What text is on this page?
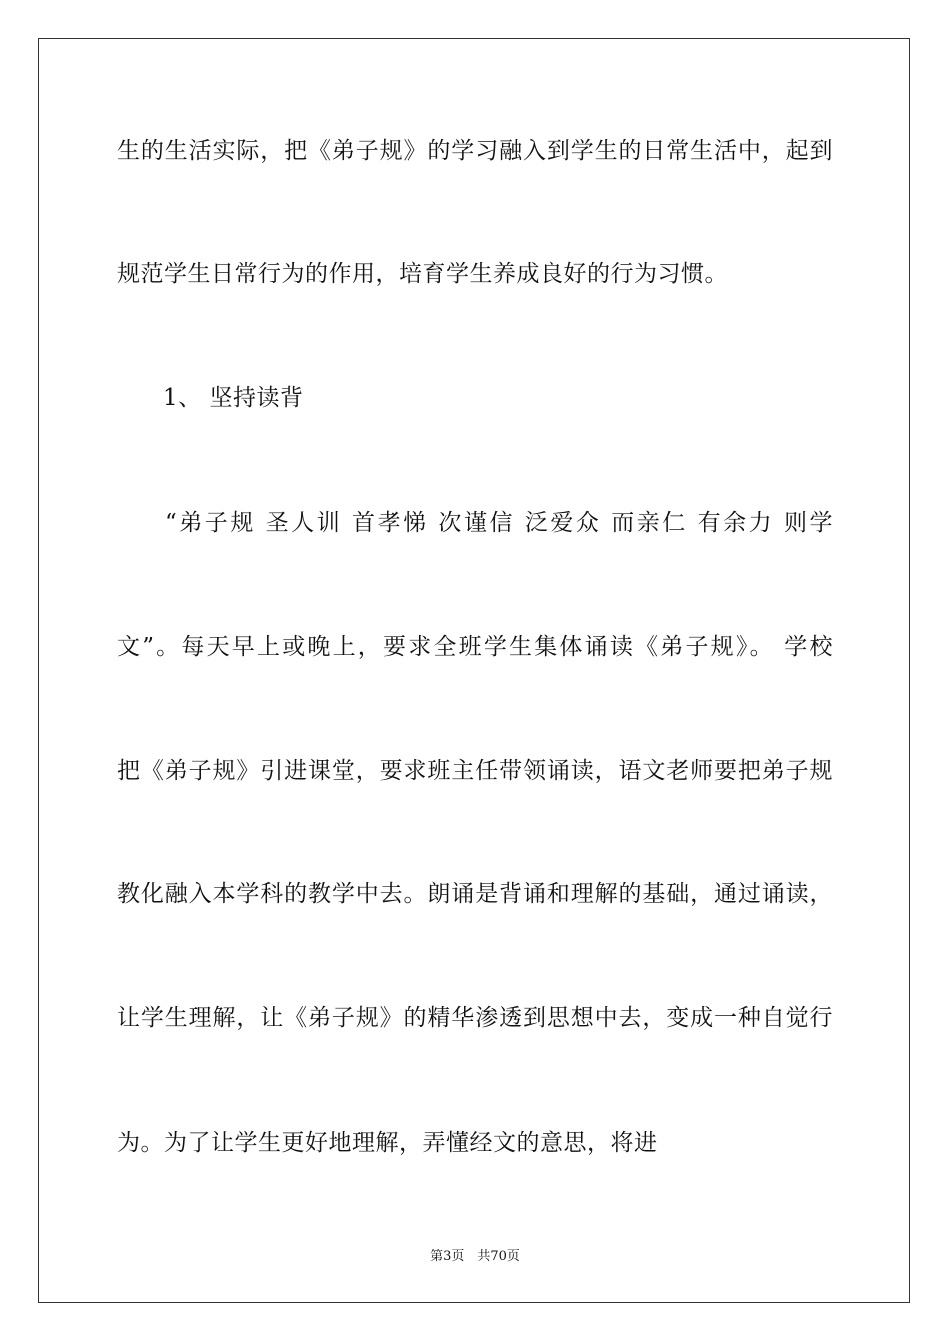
生的生活实际，把《弟子规》的学习融入到学生的日常生活中，起到
规范学生日常行为的作用，培育学生养成良好的行为习惯。
1、 坚持读背
“弟子规 圣人训 首孝悌 次谨信 泛爱众 而亲仁 有余力 则学
文”。每天早上或晚上，要求全班学生集体诵读《弟子规》。 学校
把《弟子规》引进课堂，要求班主任带领诵读，语文老师要把弟子规
教化融入本学科的教学中去。朗诵是背诵和理解的基础，通过诵读，
让学生理解，让《弟子规》的精华渗透到思想中去，变成一种自觉行
为。为了让学生更好地理解，弄懂经文的意思，将进
第3页　共70页
